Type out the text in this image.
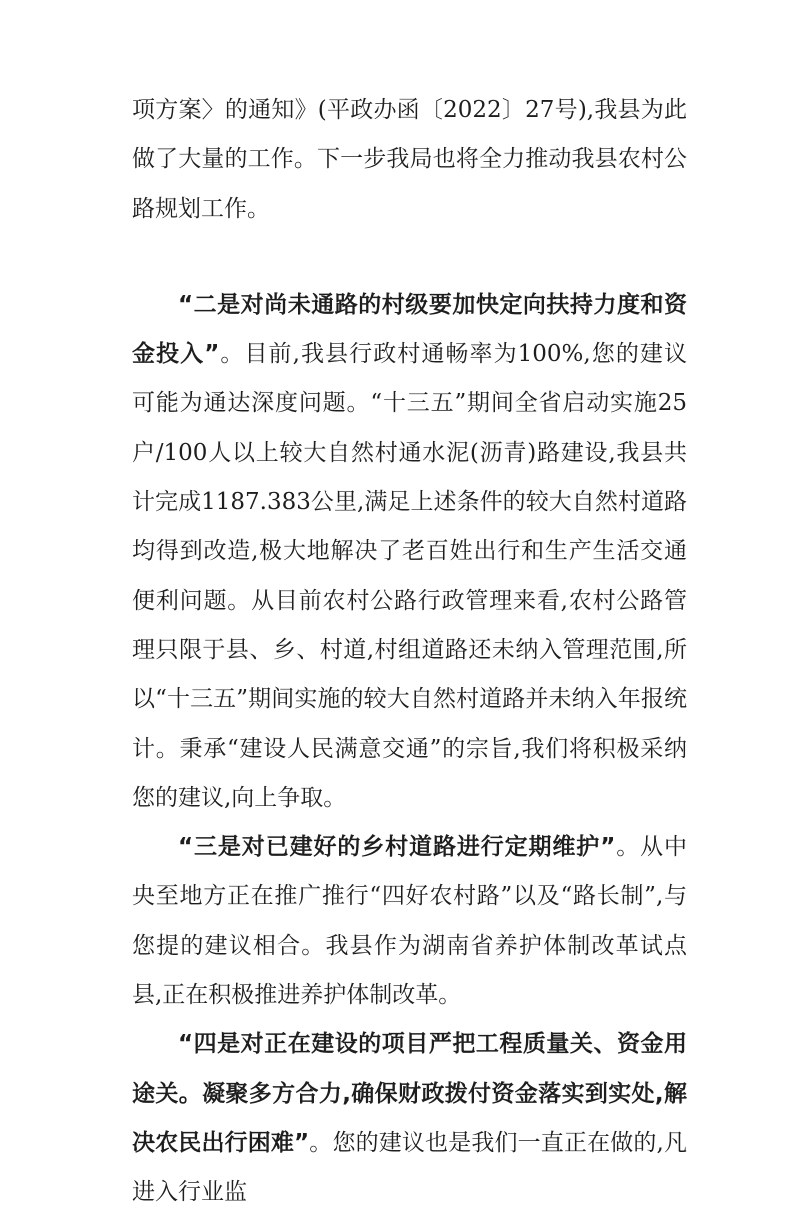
项方案〉的通知》(平政办函〔2022〕27号),我县为此做了大量的工作。下一步我局也将全力推动我县农村公路规划工作。

“二是对尚未通路的村级要加快定向扶持力度和资金投入”。目前,我县行政村通畅率为100%,您的建议可能为通达深度问题。“十三五”期间全省启动实施25户/100人以上较大自然村通水泥(沥青)路建设,我县共计完成1187.383公里,满足上述条件的较大自然村道路均得到改造,极大地解决了老百姓出行和生产生活交通便利问题。从目前农村公路行政管理来看,农村公路管理只限于县、乡、村道,村组道路还未纳入管理范围,所以“十三五”期间实施的较大自然村道路并未纳入年报统计。秉承“建设人民满意交通”的宗旨,我们将积极采纳您的建议,向上争取。

“三是对已建好的乡村道路进行定期维护”。从中央至地方正在推广推行“四好农村路”以及“路长制”,与您提的建议相合。我县作为湖南省养护体制改革试点县,正在积极推进养护体制改革。

“四是对正在建设的项目严把工程质量关、资金用途关。凝聚多方合力,确保财政拨付资金落实到实处,解决农民出行困难”。您的建议也是我们一直正在做的,凡进入行业监
